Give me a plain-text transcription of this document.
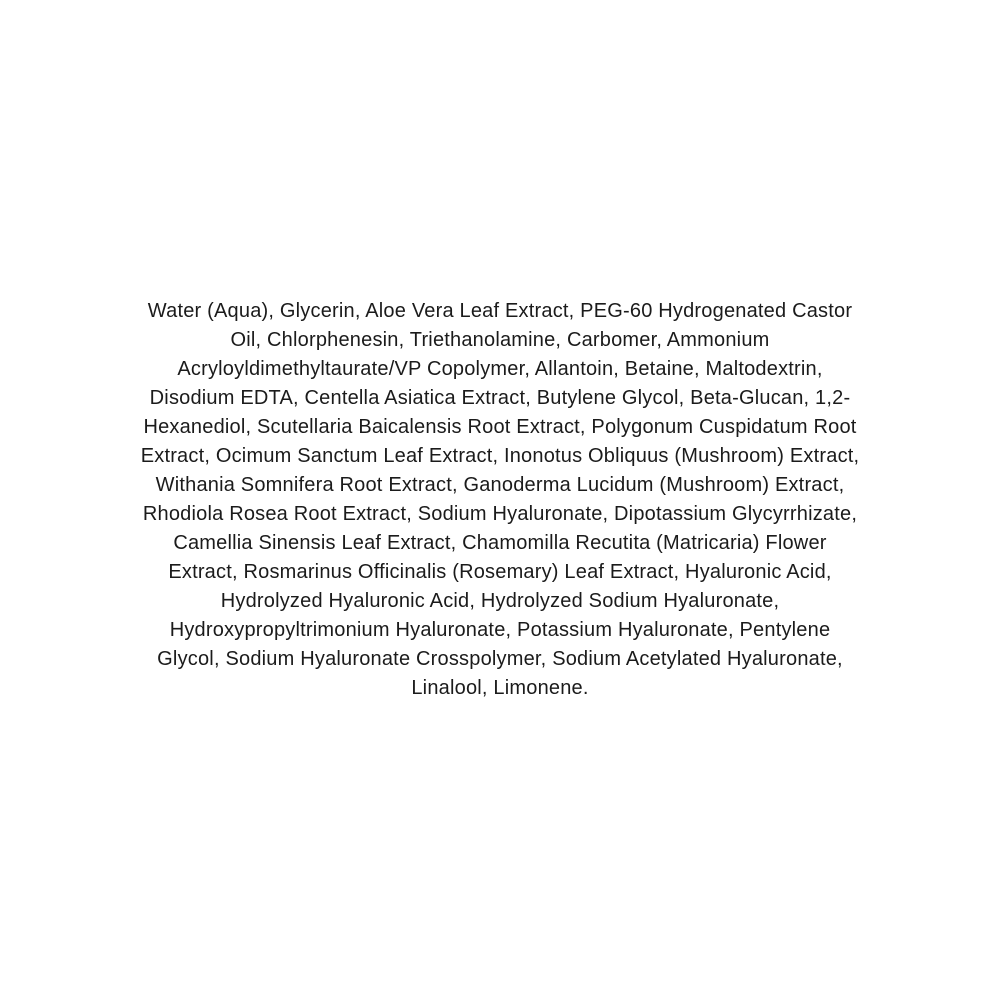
Water (Aqua), Glycerin, Aloe Vera Leaf Extract, PEG-60 Hydrogenated Castor
Oil, Chlorphenesin, Triethanolamine, Carbomer, Ammonium
Acryloyldimethyltaurate/VP Copolymer, Allantoin, Betaine, Maltodextrin,
Disodium EDTA, Centella Asiatica Extract, Butylene Glycol, Beta-Glucan, 1,2-
Hexanediol, Scutellaria Baicalensis Root Extract, Polygonum Cuspidatum Root
Extract, Ocimum Sanctum Leaf Extract, Inonotus Obliquus (Mushroom) Extract,
Withania Somnifera Root Extract, Ganoderma Lucidum (Mushroom) Extract,
Rhodiola Rosea Root Extract, Sodium Hyaluronate, Dipotassium Glycyrrhizate,
Camellia Sinensis Leaf Extract, Chamomilla Recutita (Matricaria) Flower
Extract, Rosmarinus Officinalis (Rosemary) Leaf Extract, Hyaluronic Acid,
Hydrolyzed Hyaluronic Acid, Hydrolyzed Sodium Hyaluronate,
Hydroxypropyltrimonium Hyaluronate, Potassium Hyaluronate, Pentylene
Glycol, Sodium Hyaluronate Crosspolymer, Sodium Acetylated Hyaluronate,
Linalool, Limonene.
